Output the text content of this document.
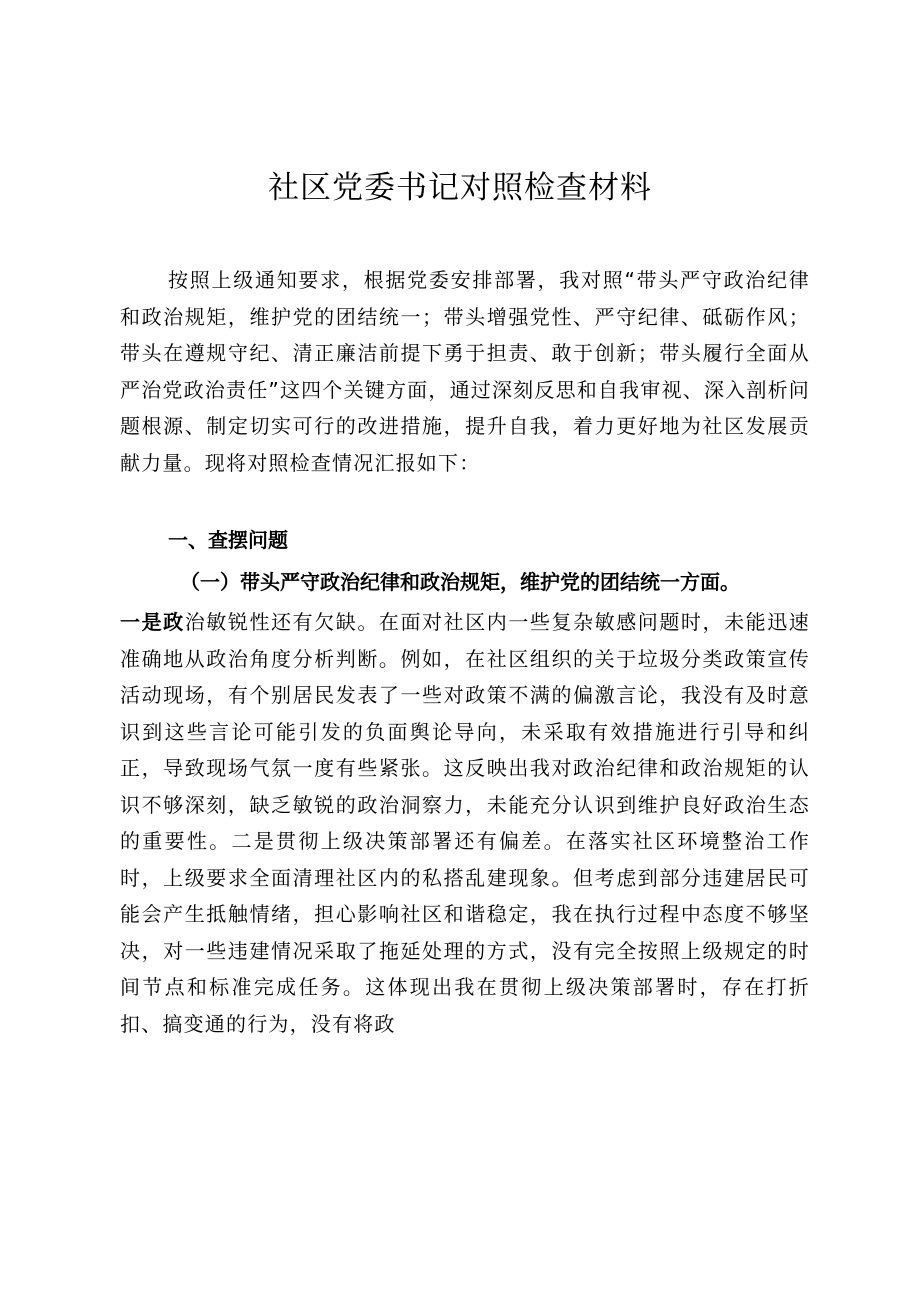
社区党委书记对照检查材料

按照上级通知要求，根据党委安排部署，我对照“带头严守政治纪律和政治规矩，维护党的团结统一；带头增强党性、严守纪律、砥砺作风；带头在遵规守纪、清正廉洁前提下勇于担责、敢于创新；带头履行全面从严治党政治责任”这四个关键方面，通过深刻反思和自我审视、深入剖析问题根源、制定切实可行的改进措施，提升自我，着力更好地为社区发展贡献力量。现将对照检查情况汇报如下：

一、查摆问题

（一）带头严守政治纪律和政治规矩，维护党的团结统一方面。

一是政治敏锐性还有欠缺。在面对社区内一些复杂敏感问题时，未能迅速准确地从政治角度分析判断。例如，在社区组织的关于垃圾分类政策宣传活动现场，有个别居民发表了一些对政策不满的偏激言论，我没有及时意识到这些言论可能引发的负面舆论导向，未采取有效措施进行引导和纠正，导致现场气氛一度有些紧张。这反映出我对政治纪律和政治规矩的认识不够深刻，缺乏敏锐的政治洞察力，未能充分认识到维护良好政治生态的重要性。二是贯彻上级决策部署还有偏差。在落实社区环境整治工作时，上级要求全面清理社区内的私搭乱建现象。但考虑到部分违建居民可能会产生抵触情绪，担心影响社区和谐稳定，我在执行过程中态度不够坚决，对一些违建情况采取了拖延处理的方式，没有完全按照上级规定的时间节点和标准完成任务。这体现出我在贯彻上级决策部署时，存在打折扣、搞变通的行为，没有将政
